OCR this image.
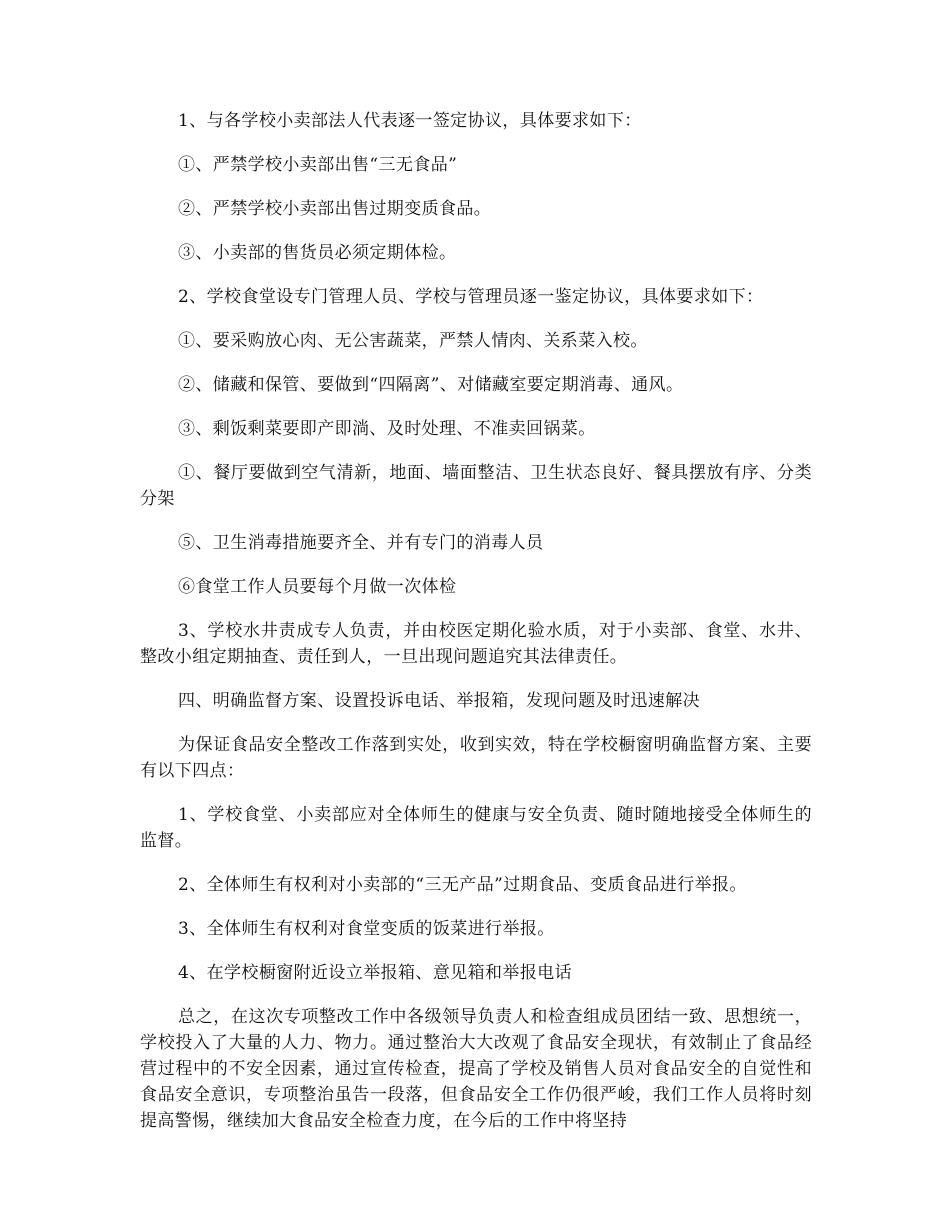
1、与各学校小卖部法人代表逐一签定协议，具体要求如下：

①、严禁学校小卖部出售“三无食品”

②、严禁学校小卖部出售过期变质食品。

③、小卖部的售货员必须定期体检。

2、学校食堂设专门管理人员、学校与管理员逐一鉴定协议，具体要求如下：

①、要采购放心肉、无公害蔬菜，严禁人情肉、关系菜入校。

②、储藏和保管、要做到“四隔离”、对储藏室要定期消毒、通风。

③、剩饭剩菜要即产即淌、及时处理、不准卖回锅菜。

①、餐厅要做到空气清新，地面、墙面整洁、卫生状态良好、餐具摆放有序、分类分架

⑤、卫生消毒措施要齐全、并有专门的消毒人员

⑥食堂工作人员要每个月做一次体检

3、学校水井责成专人负责，并由校医定期化验水质，对于小卖部、食堂、水井、整改小组定期抽查、责任到人，一旦出现问题追究其法律责任。

四、明确监督方案、设置投诉电话、举报箱，发现问题及时迅速解决

为保证食品安全整改工作落到实处，收到实效，特在学校橱窗明确监督方案、主要有以下四点：

1、学校食堂、小卖部应对全体师生的健康与安全负责、随时随地接受全体师生的监督。

2、全体师生有权利对小卖部的“三无产品”过期食品、变质食品进行举报。

3、全体师生有权利对食堂变质的饭菜进行举报。

4、在学校橱窗附近设立举报箱、意见箱和举报电话

总之，在这次专项整改工作中各级领导负责人和检查组成员团结一致、思想统一，学校投入了大量的人力、物力。通过整治大大改观了食品安全现状，有效制止了食品经营过程中的不安全因素，通过宣传检查，提高了学校及销售人员对食品安全的自觉性和食品安全意识，专项整治虽告一段落，但食品安全工作仍很严峻，我们工作人员将时刻提高警惕，继续加大食品安全检查力度，在今后的工作中将坚持
